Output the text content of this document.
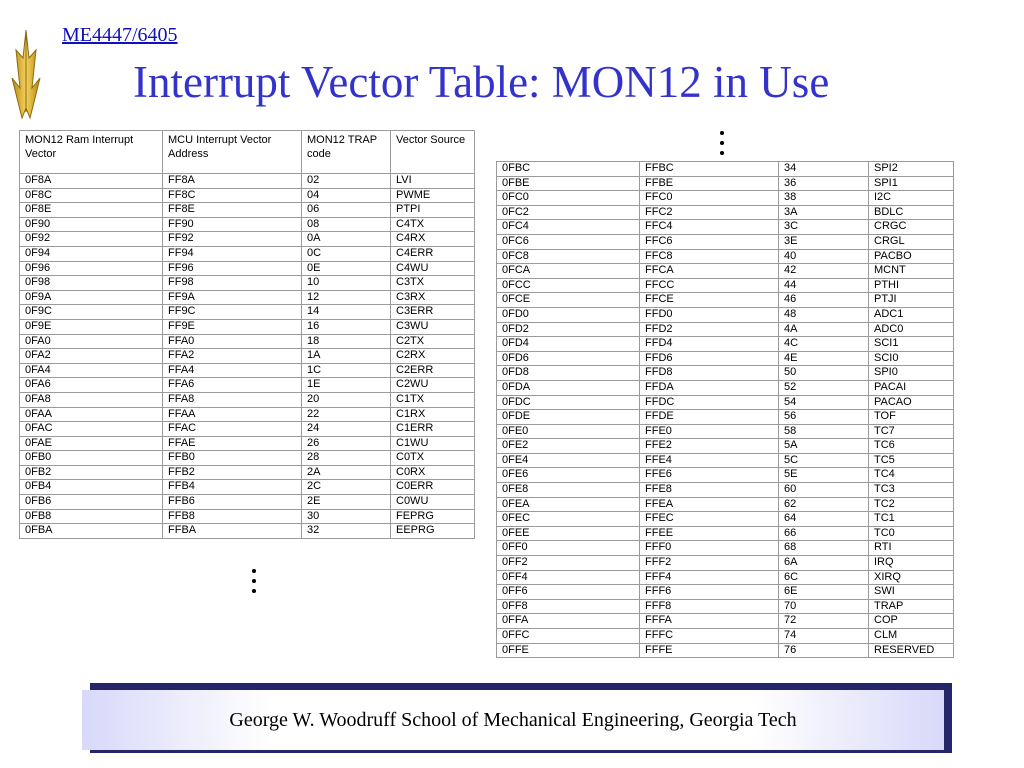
ME4447/6405
Interrupt Vector Table: MON12 in Use
MON12 Ram Interrupt Vector	MCU Interrupt Vector Address	MON12 TRAP code	Vector Source
0F8A	FF8A	02	LVI
0F8C	FF8C	04	PWME
0F8E	FF8E	06	PTPI
0F90	FF90	08	C4TX
0F92	FF92	0A	C4RX
0F94	FF94	0C	C4ERR
0F96	FF96	0E	C4WU
0F98	FF98	10	C3TX
0F9A	FF9A	12	C3RX
0F9C	FF9C	14	C3ERR
0F9E	FF9E	16	C3WU
0FA0	FFA0	18	C2TX
0FA2	FFA2	1A	C2RX
0FA4	FFA4	1C	C2ERR
0FA6	FFA6	1E	C2WU
0FA8	FFA8	20	C1TX
0FAA	FFAA	22	C1RX
0FAC	FFAC	24	C1ERR
0FAE	FFAE	26	C1WU
0FB0	FFB0	28	C0TX
0FB2	FFB2	2A	C0RX
0FB4	FFB4	2C	C0ERR
0FB6	FFB6	2E	C0WU
0FB8	FFB8	30	FEPRG
0FBA	FFBA	32	EEPRG
0FBC	FFBC	34	SPI2
0FBE	FFBE	36	SPI1
0FC0	FFC0	38	I2C
0FC2	FFC2	3A	BDLC
0FC4	FFC4	3C	CRGC
0FC6	FFC6	3E	CRGL
0FC8	FFC8	40	PACBO
0FCA	FFCA	42	MCNT
0FCC	FFCC	44	PTHI
0FCE	FFCE	46	PTJI
0FD0	FFD0	48	ADC1
0FD2	FFD2	4A	ADC0
0FD4	FFD4	4C	SCI1
0FD6	FFD6	4E	SCI0
0FD8	FFD8	50	SPI0
0FDA	FFDA	52	PACAI
0FDC	FFDC	54	PACAO
0FDE	FFDE	56	TOF
0FE0	FFE0	58	TC7
0FE2	FFE2	5A	TC6
0FE4	FFE4	5C	TC5
0FE6	FFE6	5E	TC4
0FE8	FFE8	60	TC3
0FEA	FFEA	62	TC2
0FEC	FFEC	64	TC1
0FEE	FFEE	66	TC0
0FF0	FFF0	68	RTI
0FF2	FFF2	6A	IRQ
0FF4	FFF4	6C	XIRQ
0FF6	FFF6	6E	SWI
0FF8	FFF8	70	TRAP
0FFA	FFFA	72	COP
0FFC	FFFC	74	CLM
0FFE	FFFE	76	RESERVED
George W. Woodruff School of Mechanical Engineering, Georgia Tech
